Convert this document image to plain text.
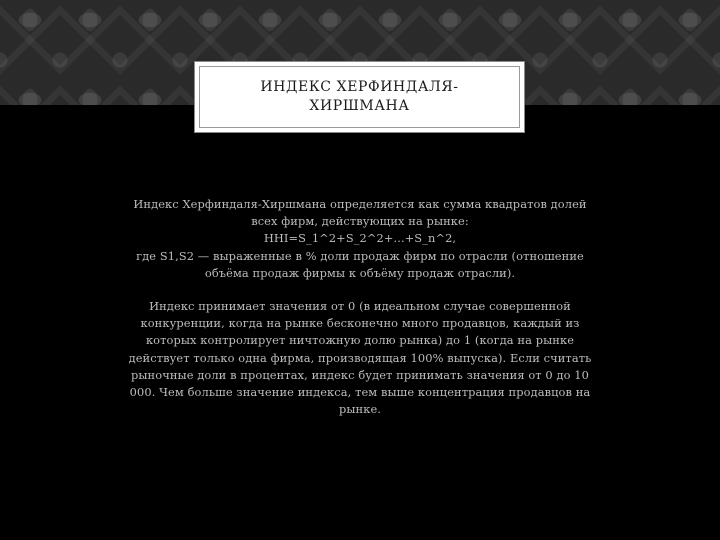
ИНДЕКС ХЕРФИНДАЛЯ-
ХИРШМАНА

Индекс Херфиндаля-Хиршмана определяется как сумма квадратов долей
всех фирм, действующих на рынке:
HHI=S_1^2+S_2^2+...+S_n^2,
где S1,S2 — выраженные в % доли продаж фирм по отрасли (отношение
объёма продаж фирмы к объёму продаж отрасли).

Индекс принимает значения от 0 (в идеальном случае совершенной
конкуренции, когда на рынке бесконечно много продавцов, каждый из
которых контролирует ничтожную долю рынка) до 1 (когда на рынке
действует только одна фирма, производящая 100% выпуска). Если считать
рыночные доли в процентах, индекс будет принимать значения от 0 до 10
000. Чем больше значение индекса, тем выше концентрация продавцов на
рынке.
